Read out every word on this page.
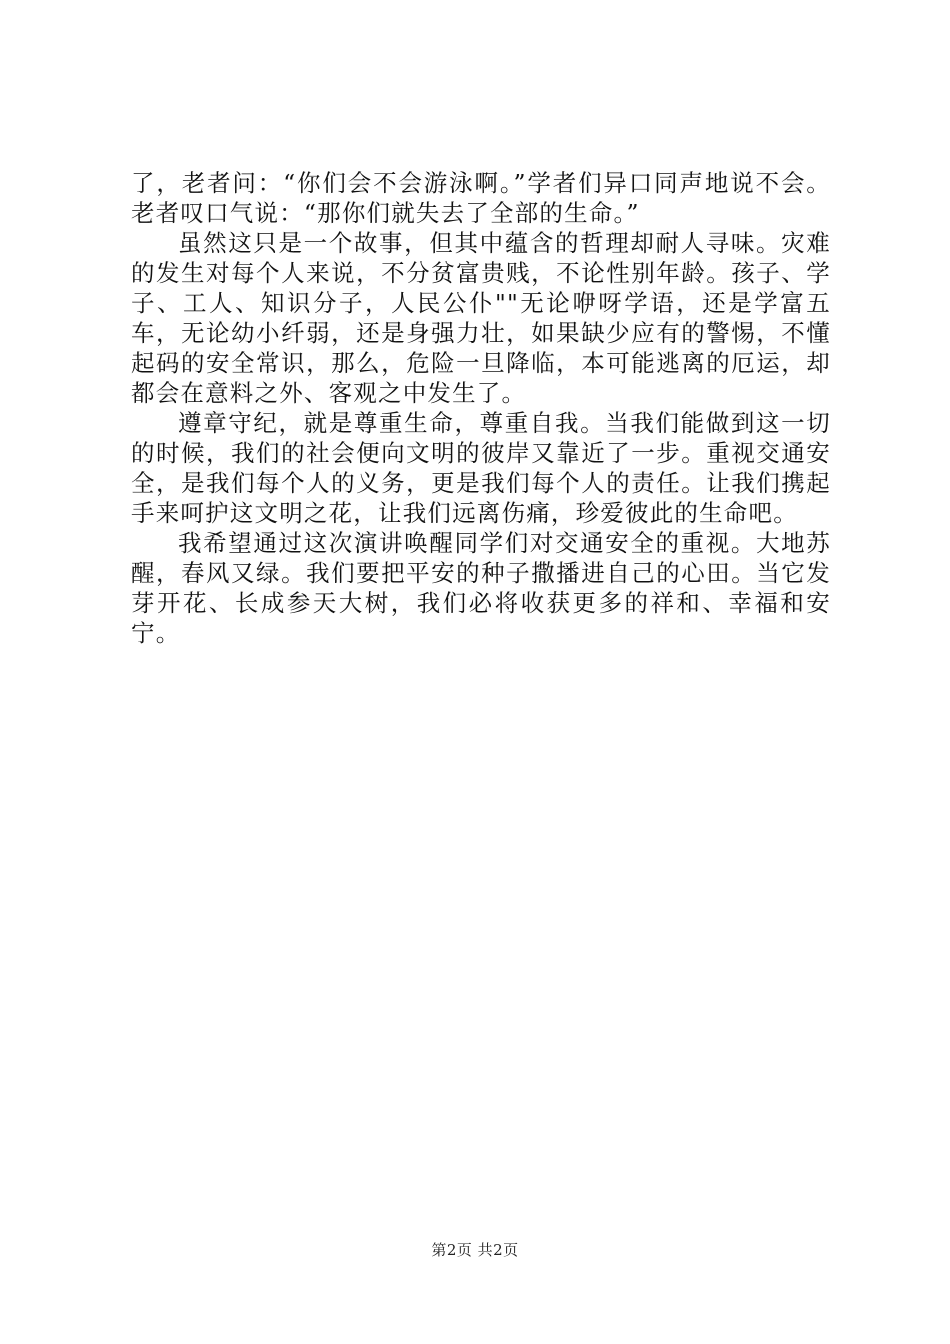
了，老者问：“你们会不会游泳啊。”学者们异口同声地说不会。老者叹口气说：“那你们就失去了全部的生命。”

虽然这只是一个故事，但其中蕴含的哲理却耐人寻味。灾难的发生对每个人来说，不分贫富贵贱，不论性别年龄。孩子、学子、工人、知识分子，人民公仆""无论咿呀学语，还是学富五车，无论幼小纤弱，还是身强力壮，如果缺少应有的警惕，不懂起码的安全常识，那么，危险一旦降临，本可能逃离的厄运，却都会在意料之外、客观之中发生了。

遵章守纪，就是尊重生命，尊重自我。当我们能做到这一切的时候，我们的社会便向文明的彼岸又靠近了一步。重视交通安全，是我们每个人的义务，更是我们每个人的责任。让我们携起手来呵护这文明之花，让我们远离伤痛，珍爱彼此的生命吧。

我希望通过这次演讲唤醒同学们对交通安全的重视。大地苏醒，春风又绿。我们要把平安的种子撒播进自己的心田。当它发芽开花、长成参天大树，我们必将收获更多的祥和、幸福和安宁。

第2页 共2页
